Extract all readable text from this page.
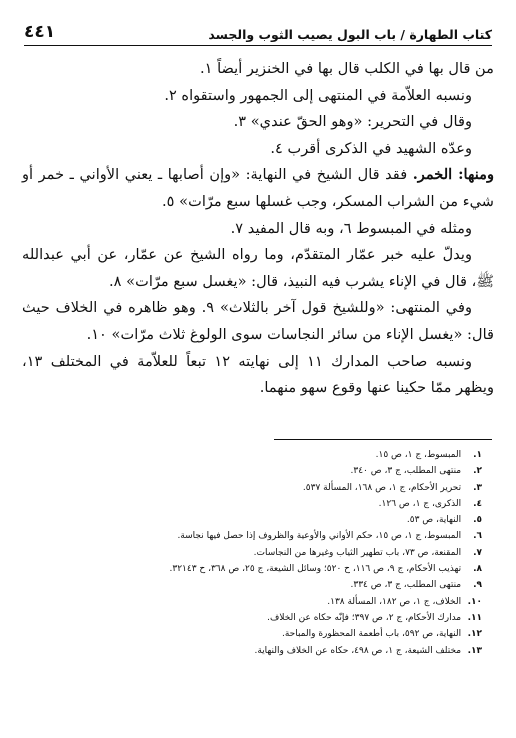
كتاب الطهارة / باب البول يصيب الثوب والجسد
٤٤١

من قال بها في الكلب قال بها في الخنزير أيضاً ١.

ونسبه العلاّمة في المنتهى إلى الجمهور واستقواه ٢.

وقال في التحرير: «وهو الحقّ عندي» ٣.

وعدّه الشهيد في الذكرى أقرب ٤.

ومنها: الخمر. فقد قال الشيخ في النهاية: «وإن أصابها ـ يعني الأواني ـ خمر أو شيء من الشراب المسكر، وجب غسلها سبع مرّات» ٥.

ومثله في المبسوط ٦، وبه قال المفيد ٧.

ويدلّ عليه خبر عمّار المتقدّم، وما رواه الشيخ عن عمّار، عن أبي عبدالله ﷺ، قال في الإناء يشرب فيه النبيذ، قال: «يغسل سبع مرّات» ٨.

وفي المنتهى: «وللشيخ قول آخر بالثلاث» ٩. وهو ظاهره في الخلاف حيث قال: «يغسل الإناء من سائر النجاسات سوى الولوغ ثلاث مرّات» ١٠.

ونسبه صاحب المدارك ١١ إلى نهايته ١٢ تبعاً للعلاّمة في المختلف ١٣، ويظهر ممّا حكينا عنها وقوع سهو منهما.

١. المبسوط، ج ١، ص ١٥.
٢. منتهى المطلب، ج ٣، ص ٣٤٠.
٣. تحرير الأحكام، ج ١، ص ١٦٨، المسألة ٥٣٧.
٤. الذكرى، ج ١، ص ١٢٦.
٥. النهاية، ص ٥٣.
٦. المبسوط، ج ١، ص ١٥، حكم الأواني والأوعية والظروف إذا حصل فيها نجاسة.
٧. المقنعة، ص ٧٣، باب تطهير الثياب وغيرها من النجاسات.
٨. تهذيب الأحكام، ج ٩، ص ١١٦، ح ٥٢٠؛ وسائل الشيعة، ج ٢٥، ص ٣٦٨، ح ٣٢١٤٣.
٩. منتهى المطلب، ج ٣، ص ٣٣٤.
١٠. الخلاف، ج ١، ص ١٨٢، المسألة ١٣٨.
١١. مدارك الأحكام، ج ٢، ص ٣٩٧؛ فإنّه حكاه عن الخلاف.
١٢. النهاية، ص ٥٩٢، باب أطعمة المحظورة والمباحة.
١٣. مختلف الشيعة، ج ١، ص ٤٩٨، حكاه عن الخلاف والنهاية.
